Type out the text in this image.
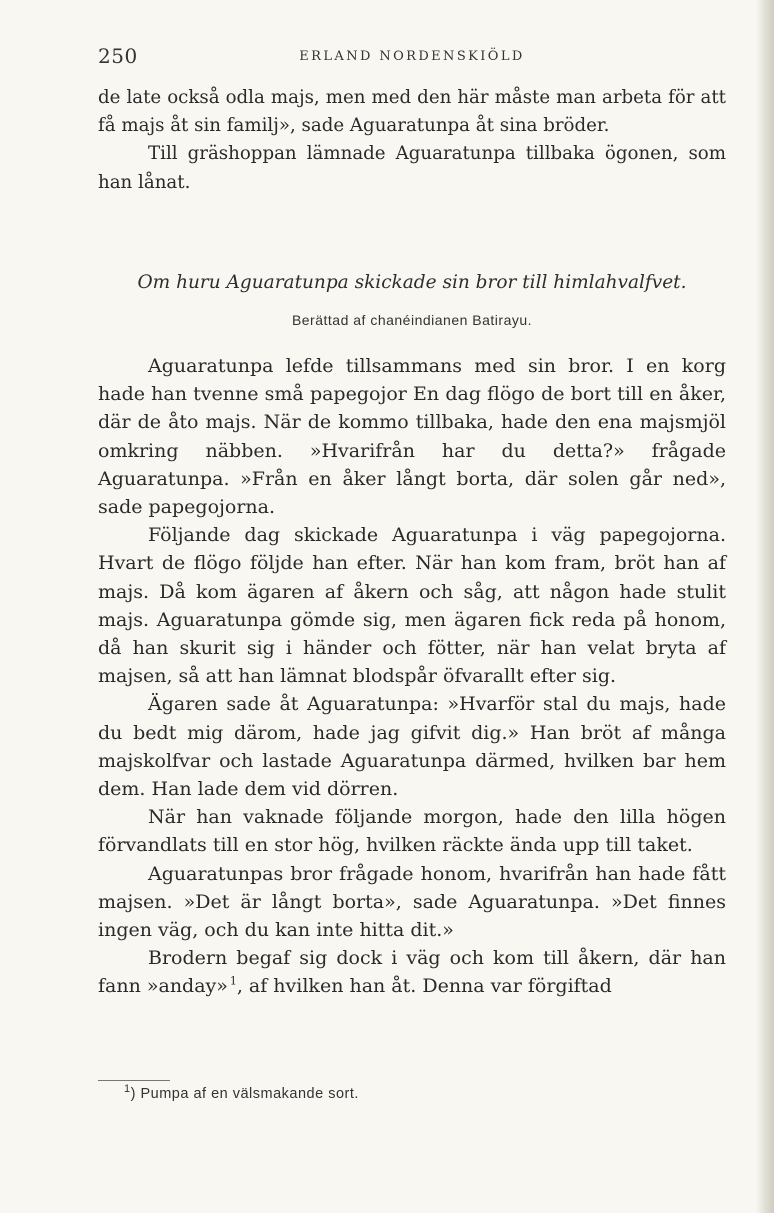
250	ERLAND NORDENSKIÖLD

de late också odla majs, men med den här måste man arbeta för att få majs åt sin familj», sade Aguaratunpa åt sina bröder.

Till gräshoppan lämnade Aguaratunpa tillbaka ögonen, som han lånat.

Om huru Aguaratunpa skickade sin bror till himlahvalfvet.
Berättad af chanéindianen Batirayu.

Aguaratunpa lefde tillsammans med sin bror. I en korg hade han tvenne små papegojor En dag flögo de bort till en åker, där de åto majs. När de kommo tillbaka, hade den ena majsmjöl omkring näbben. »Hvarifrån har du detta?» frågade Aguaratunpa. »Från en åker långt borta, där solen går ned», sade papegojorna.

Följande dag skickade Aguaratunpa i väg papegojorna. Hvart de flögo följde han efter. När han kom fram, bröt han af majs. Då kom ägaren af åkern och såg, att någon hade stulit majs. Aguaratunpa gömde sig, men ägaren fick reda på honom, då han skurit sig i händer och fötter, när han velat bryta af majsen, så att han lämnat blodspår öfvarallt efter sig.

Ägaren sade åt Aguaratunpa: »Hvarför stal du majs, hade du bedt mig därom, hade jag gifvit dig.» Han bröt af många majskolfvar och lastade Aguaratunpa därmed, hvilken bar hem dem. Han lade dem vid dörren.

När han vaknade följande morgon, hade den lilla högen förvandlats till en stor hög, hvilken räckte ända upp till taket.

Aguaratunpas bror frågade honom, hvarifrån han hade fått majsen. »Det är långt borta», sade Aguaratunpa. »Det finnes ingen väg, och du kan inte hitta dit.»

Brodern begaf sig dock i väg och kom till åkern, där han fann »anday»  $^1$, af hvilken han åt. Denna var förgiftad

$^1$) Pumpa af en välsmakande sort.
